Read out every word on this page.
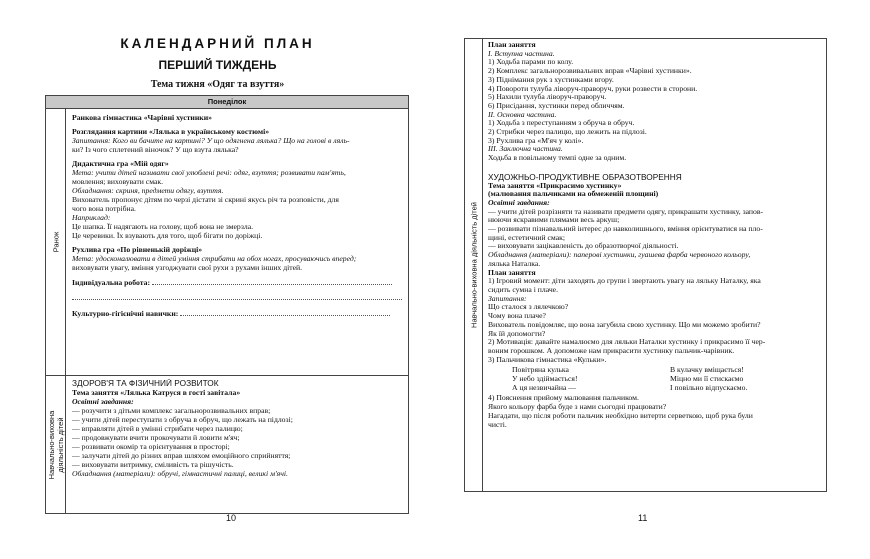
КАЛЕНДАРНИЙ ПЛАН
ПЕРШИЙ ТИЖДЕНЬ
Тема тижня «Одяг та взуття»
Понеділок
Ранок
Ранкова гімнастика «Чарівні хустинки»
Розглядання картини «Лялька в українському костюмі»
Запитання: Кого ви бачите на картині? У що одягнена лялька? Що на голові в ляль-
ки? Із чого сплетений віночок? У що взута лялька?
Дидактична гра «Мій одяг»
Мета: учити дітей називати свої улюблені речі: одяг, взуття; розвивати пам'ять,
мовлення; виховувати смак.
Обладнання: скриня, предмети одягу, взуття.
Вихователь пропонує дітям по черзі дістати зі скрині якусь річ та розповісти, для
чого вона потрібна.
Наприклад:
Це шапка. Її надягають на голову, щоб вона не змерзла.
Це черевики. Їх взувають для того, щоб бігати по доріжці.
Рухлива гра «По рівненькій доріжці»
Мета: удосконалювати в дітей уміння стрибати на обох ногах, просуваючись вперед;
виховувати увагу, вміння узгоджувати свої рухи з рухами інших дітей.
Індивідуальна робота:
Культурно-гігієнічні навички:
Навчально-виховна
діяльність дітей
ЗДОРОВ'Я ТА ФІЗИЧНИЙ РОЗВИТОК
Тема заняття «Лялька Катруся в гості завітала»
Освітні завдання:
— розучити з дітьми комплекс загальнорозвивальних вправ;
— учити дітей переступати з обруча в обруч, що лежать на підлозі;
— вправляти дітей в умінні стрибати через палицю;
— продовжувати вчити прокочувати й ловити м'яч;
— розвивати окомір та орієнтування в просторі;
— залучати дітей до різних вправ шляхом емоційного сприйняття;
— виховувати витримку, сміливість та рішучість.
Обладнання (матеріали): обручі, гімнастичні палиці, великі м'ячі.
10
Навчально-виховна діяльність дітей
План заняття
І. Вступна частина.
1) Ходьба парами по колу.
2) Комплекс загальнорозвивальних вправ «Чарівні хустинки».
3) Піднімання рук з хустинками вгору.
4) Повороти тулуба ліворуч-праворуч, руки розвести в сторони.
5) Нахили тулуба ліворуч-праворуч.
6) Присідання, хустинки перед обличчям.
ІІ. Основна частина.
1) Ходьба з переступанням з обруча в обруч.
2) Стрибки через палицю, що лежить на підлозі.
3) Рухлива гра «М'яч у колі».
ІІІ. Заключна частина.
Ходьба в повільному темпі одне за одним.
ХУДОЖНЬО-ПРОДУКТИВНЕ ОБРАЗОТВОРЕННЯ
Тема заняття «Прикрасимо хустинку»
(малювання пальчиками на обмеженій площині)
Освітні завдання:
— учити дітей розрізняти та називати предмети одягу, прикрашати хустинку, запов-
нюючи яскравими плямами весь аркуш;
— розвивати пізнавальний інтерес до навколишнього, вміння орієнтуватися на пло-
щині, естетичний смак;
— виховувати зацікавленість до образотворчої діяльності.
Обладнання (матеріали): паперові хустинки, гуашева фарба червоного кольору,
лялька Наталка.
План заняття
1) Ігровий момент: діти заходять до групи і звертають увагу на ляльку Наталку, яка
сидить сумна і плаче.
Запитання:
Що сталося з лялечкою?
Чому вона плаче?
Вихователь повідомляє, що вона загубила свою хустинку. Що ми можемо зробити?
Як їй допомогти?
2) Мотивація: давайте намалюємо для ляльки Наталки хустинку і прикрасимо її чер-
воним горошком. А допоможе нам прикрасити хустинку пальчик-чарівник.
3) Пальчикова гімнастика «Кульки».
Повітряна кулька
У небо здіймається!
А ця незвичайна —
В кулачку вміщається!
Міцно ми її стискаємо
І повільно відпускаємо.
4) Пояснення прийому малювання пальчиком.
Якого кольору фарба буде з нами сьогодні працювати?
Нагадати, що після роботи пальчик необхідно витерти серветкою, щоб рука були
чисті.
11
